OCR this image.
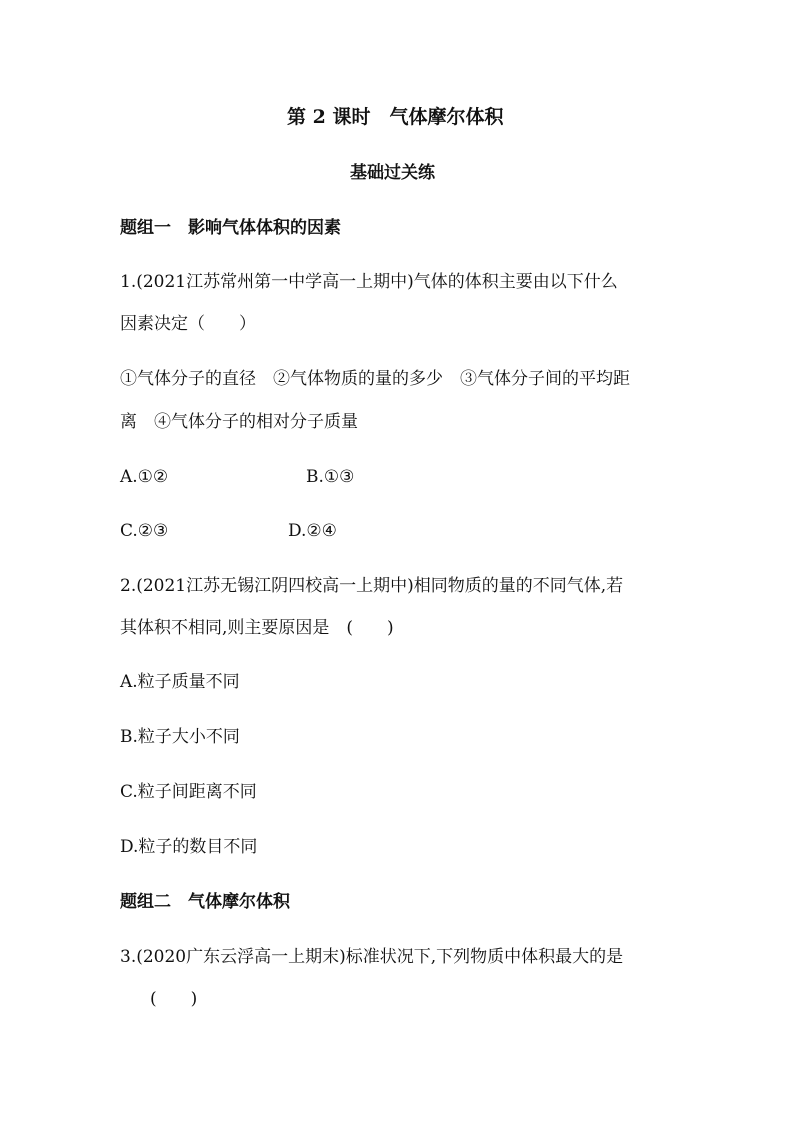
第 2 课时　气体摩尔体积
基础过关练
题组一　影响气体体积的因素
1.(2021江苏常州第一中学高一上期中)气体的体积主要由以下什么
因素决定（　　）
①气体分子的直径　②气体物质的量的多少　③气体分子间的平均距
离　④气体分子的相对分子质量
A.①②	B.①③
C.②③	D.②④
2.(2021江苏无锡江阴四校高一上期中)相同物质的量的不同气体,若
其体积不相同,则主要原因是　(　　)
A.粒子质量不同
B.粒子大小不同
C.粒子间距离不同
D.粒子的数目不同
题组二　气体摩尔体积
3.(2020广东云浮高一上期末)标准状况下,下列物质中体积最大的是
(　　)
